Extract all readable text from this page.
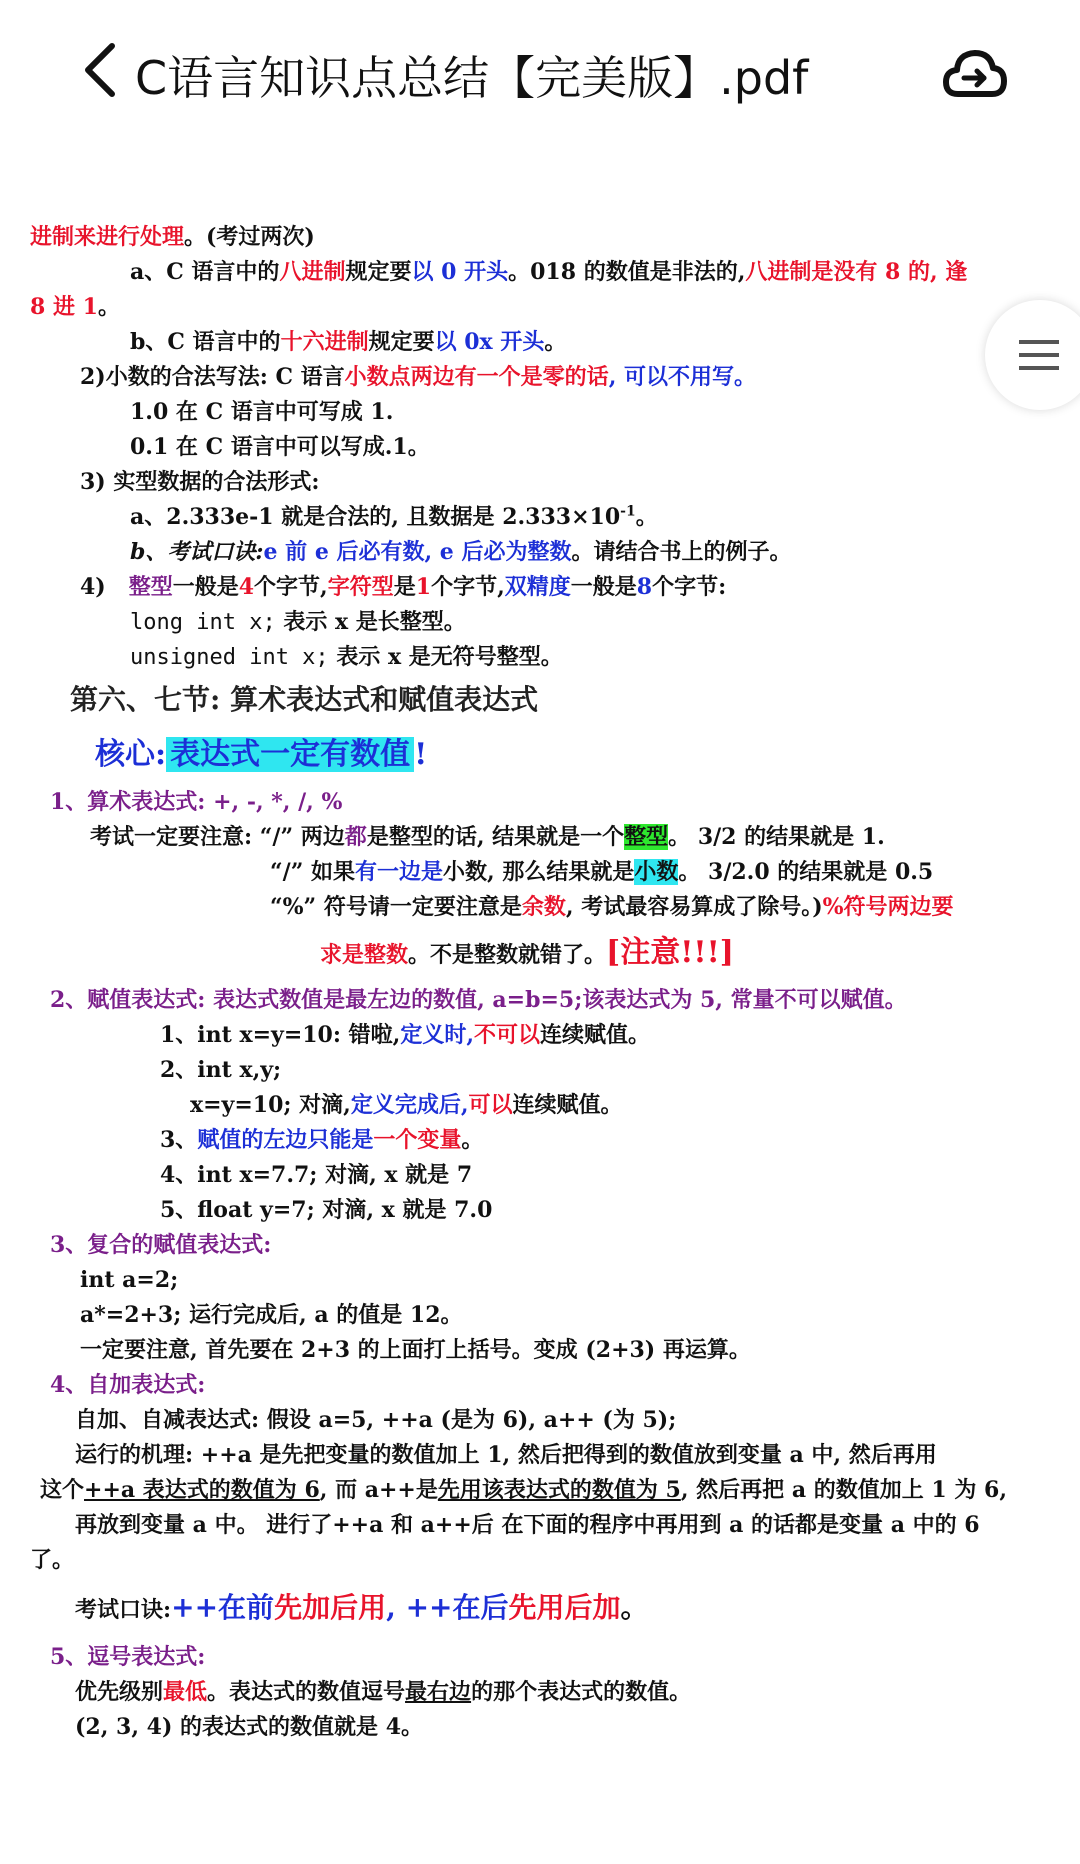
C语言知识点总结【完美版】.pdf
进制来进行处理。(考过两次)
a、C 语言中的八进制规定要以 0 开头。018 的数值是非法的,八进制是没有 8 的, 逢
8 进 1。
b、C 语言中的十六进制规定要以 0x 开头。
2)小数的合法写法: C 语言小数点两边有一个是零的话, 可以不用写。
1.0 在 C 语言中可写成 1.
0.1 在 C 语言中可以写成.1。
3) 实型数据的合法形式:
a、2.333e-1 就是合法的, 且数据是 $2.333\times 10^{-1}$。
b、考试口诀:e 前 e 后必有数, e 后必为整数。请结合书上的例子。
4) 整型一般是4个字节,字符型是1个字节,双精度一般是8个字节:
long int x; 表示 x 是长整型。
unsigned int x; 表示 x 是无符号整型。
第六、七节: 算术表达式和赋值表达式
核心: 表达式一定有数值 !
1、算术表达式: +, -, *, /, %
考试一定要注意: “/” 两边都是整型的话, 结果就是一个整型。 3/2 的结果就是 1.
“/” 如果有一边是小数, 那么结果就是小数。 3/2.0 的结果就是 0.5
“%” 符号请一定要注意是余数, 考试最容易算成了除号。)%符号两边要
求是整数。不是整数就错了。[注意!!!]
2、赋值表达式: 表达式数值是最左边的数值, a=b=5;该表达式为 5, 常量不可以赋值。
1、int x=y=10: 错啦,定义时,不可以连续赋值。
2、int x,y;
x=y=10; 对滴,定义完成后,可以连续赋值。
3、赋值的左边只能是一个变量。
4、int x=7.7; 对滴, x 就是 7
5、float y=7; 对滴, x 就是 7.0
3、复合的赋值表达式:
int a=2;
a*=2+3; 运行完成后, a 的值是 12。
一定要注意, 首先要在 2+3 的上面打上括号。变成 (2+3) 再运算。
4、自加表达式:
自加、自减表达式: 假设 a=5, ++a (是为 6), a++ (为 5);
运行的机理: ++a 是先把变量的数值加上 1, 然后把得到的数值放到变量 a 中, 然后再用
这个++a 表达式的数值为 6, 而 a++是先用该表达式的数值为 5, 然后再把 a 的数值加上 1 为 6,
再放到变量 a 中。 进行了++a 和 a++后 在下面的程序中再用到 a 的话都是变量 a 中的 6
了。
考试口诀:++在前先加后用, ++在后先用后加。
5、逗号表达式:
优先级别最低。表达式的数值逗号最右边的那个表达式的数值。
(2, 3, 4) 的表达式的数值就是 4。
